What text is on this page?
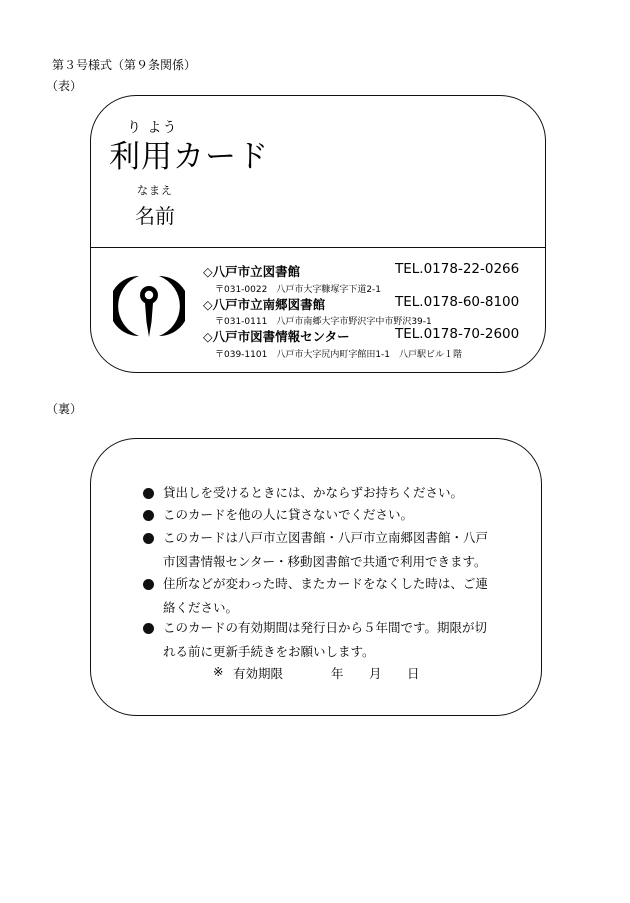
第３号様式（第９条関係）
（表）
（裏）
り よう
利用カード
なまえ
名前
◇八戸市立図書館	TEL.0178-22-0266
〒031-0022　八戸市大字糠塚字下道2-1
◇八戸市立南郷図書館	TEL.0178-60-8100
〒031-0111　八戸市南郷大字市野沢字中市野沢39-1
◇八戸市図書情報センター	TEL.0178-70-2600
〒039-1101　八戸市大字尻内町字館田1-1　八戸駅ビル１階
貸出しを受けるときには、かならずお持ちください。
このカードを他の人に貸さないでください。
このカードは八戸市立図書館・八戸市立南郷図書館・八戸
市図書情報センター・移動図書館で共通で利用できます。
住所などが変わった時、またカードをなくした時は、ご連
絡ください。
このカードの有効期間は発行日から５年間です。期限が切
れる前に更新手続きをお願いします。
※ 有効期限	年 月 日
